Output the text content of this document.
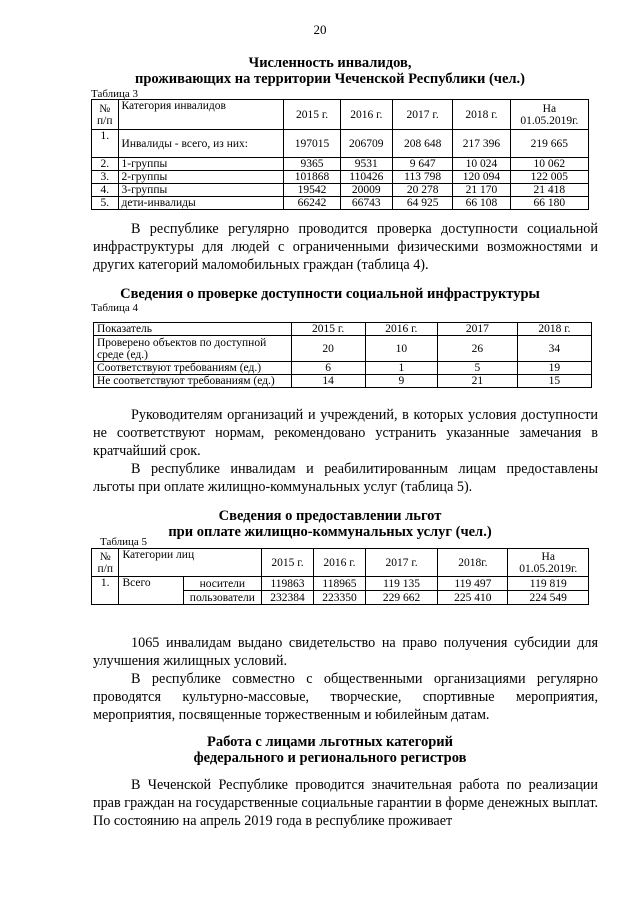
20
Численность инвалидов,
проживающих на территории Чеченской Республики (чел.)
Таблица 3
№ п/п	Категория инвалидов	2015 г.	2016 г.	2017 г.	2018 г.	На 01.05.2019г.
1.	Инвалиды - всего, из них:	197015	206709	208 648	217 396	219 665
2.	1-группы	9365	9531	9 647	10 024	10 062
3.	2-группы	101868	110426	113 798	120 094	122 005
4.	3-группы	19542	20009	20 278	21 170	21 418
5.	дети-инвалиды	66242	66743	64 925	66 108	66 180

В республике регулярно проводится проверка доступности социальной инфраструктуры для людей с ограниченными физическими возможностями и других категорий маломобильных граждан (таблица 4).

Сведения о проверке доступности социальной инфраструктуры
Таблица 4
Показатель	2015 г.	2016 г.	2017	2018 г.
Проверено объектов по доступной среде (ед.)	20	10	26	34
Соответствуют требованиям (ед.)	6	1	5	19
Не соответствуют требованиям (ед.)	14	9	21	15

Руководителям организаций и учреждений, в которых условия доступности не соответствуют нормам, рекомендовано устранить указанные замечания в кратчайший срок.

В республике инвалидам и реабилитированным лицам предоставлены льготы при оплате жилищно-коммунальных услуг (таблица 5).

Сведения о предоставлении льгот
при оплате жилищно-коммунальных услуг (чел.)
Таблица 5
№ п/п	Категории лиц		2015 г.	2016 г.	2017 г.	2018г.	На 01.05.2019г.
1.	Всего	носители	119863	118965	119 135	119 497	119 819
		пользователи	232384	223350	229 662	225 410	224 549

1065 инвалидам выдано свидетельство на право получения субсидии для улучшения жилищных условий.

В республике совместно с общественными организациями регулярно проводятся культурно-массовые, творческие, спортивные мероприятия, мероприятия, посвященные торжественным и юбилейным датам.

Работа с лицами льготных категорий
федерального и регионального регистров

В Чеченской Республике проводится значительная работа по реализации прав граждан на государственные социальные гарантии в форме денежных выплат. По состоянию на апрель 2019 года в республике проживает
